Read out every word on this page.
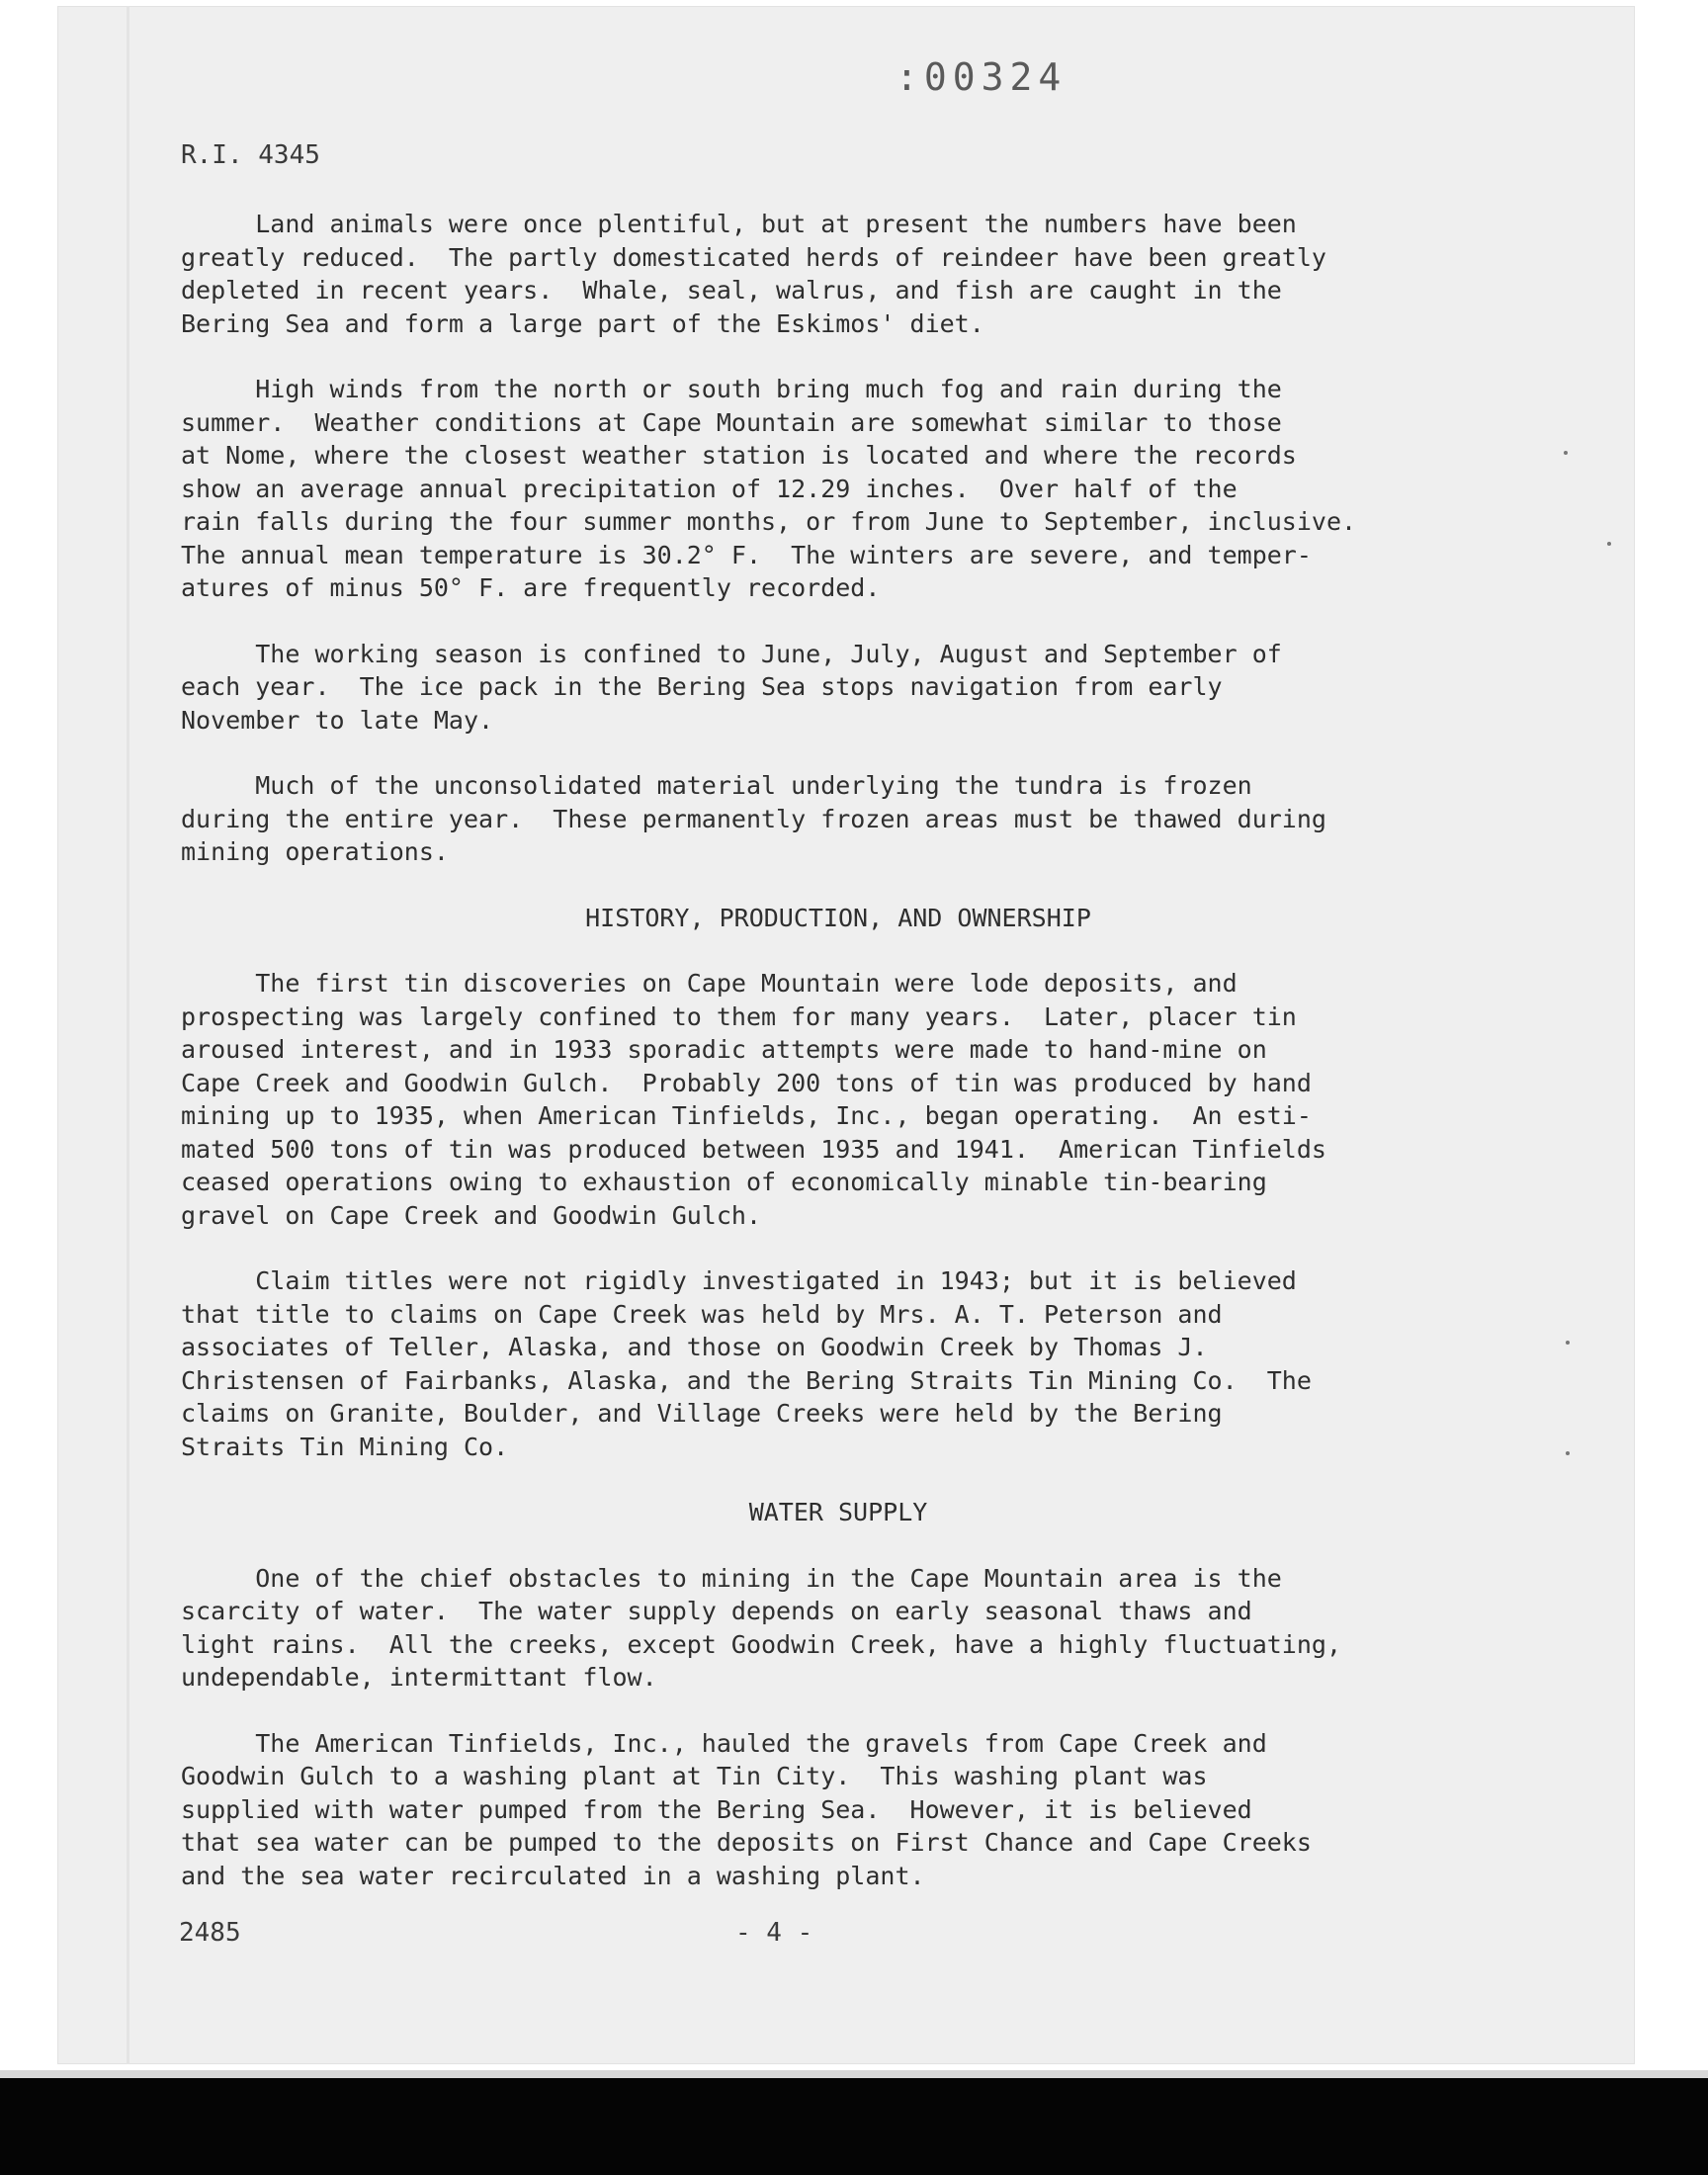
:00324
R.I. 4345

Land animals were once plentiful, but at present the numbers have been
greatly reduced.  The partly domesticated herds of reindeer have been greatly
depleted in recent years.  Whale, seal, walrus, and fish are caught in the
Bering Sea and form a large part of the Eskimos' diet.

High winds from the north or south bring much fog and rain during the
summer.  Weather conditions at Cape Mountain are somewhat similar to those
at Nome, where the closest weather station is located and where the records
show an average annual precipitation of 12.29 inches.  Over half of the
rain falls during the four summer months, or from June to September, inclusive.
The annual mean temperature is 30.2° F.  The winters are severe, and temper-
atures of minus 50° F. are frequently recorded.

The working season is confined to June, July, August and September of
each year.  The ice pack in the Bering Sea stops navigation from early
November to late May.

Much of the unconsolidated material underlying the tundra is frozen
during the entire year.  These permanently frozen areas must be thawed during
mining operations.

HISTORY, PRODUCTION, AND OWNERSHIP

The first tin discoveries on Cape Mountain were lode deposits, and
prospecting was largely confined to them for many years.  Later, placer tin
aroused interest, and in 1933 sporadic attempts were made to hand-mine on
Cape Creek and Goodwin Gulch.  Probably 200 tons of tin was produced by hand
mining up to 1935, when American Tinfields, Inc., began operating.  An esti-
mated 500 tons of tin was produced between 1935 and 1941.  American Tinfields
ceased operations owing to exhaustion of economically minable tin-bearing
gravel on Cape Creek and Goodwin Gulch.

Claim titles were not rigidly investigated in 1943; but it is believed
that title to claims on Cape Creek was held by Mrs. A. T. Peterson and
associates of Teller, Alaska, and those on Goodwin Creek by Thomas J.
Christensen of Fairbanks, Alaska, and the Bering Straits Tin Mining Co.  The
claims on Granite, Boulder, and Village Creeks were held by the Bering
Straits Tin Mining Co.

WATER SUPPLY

One of the chief obstacles to mining in the Cape Mountain area is the
scarcity of water.  The water supply depends on early seasonal thaws and
light rains.  All the creeks, except Goodwin Creek, have a highly fluctuating,
undependable, intermittant flow.

The American Tinfields, Inc., hauled the gravels from Cape Creek and
Goodwin Gulch to a washing plant at Tin City.  This washing plant was
supplied with water pumped from the Bering Sea.  However, it is believed
that sea water can be pumped to the deposits on First Chance and Cape Creeks
and the sea water recirculated in a washing plant.

2485	- 4 -
